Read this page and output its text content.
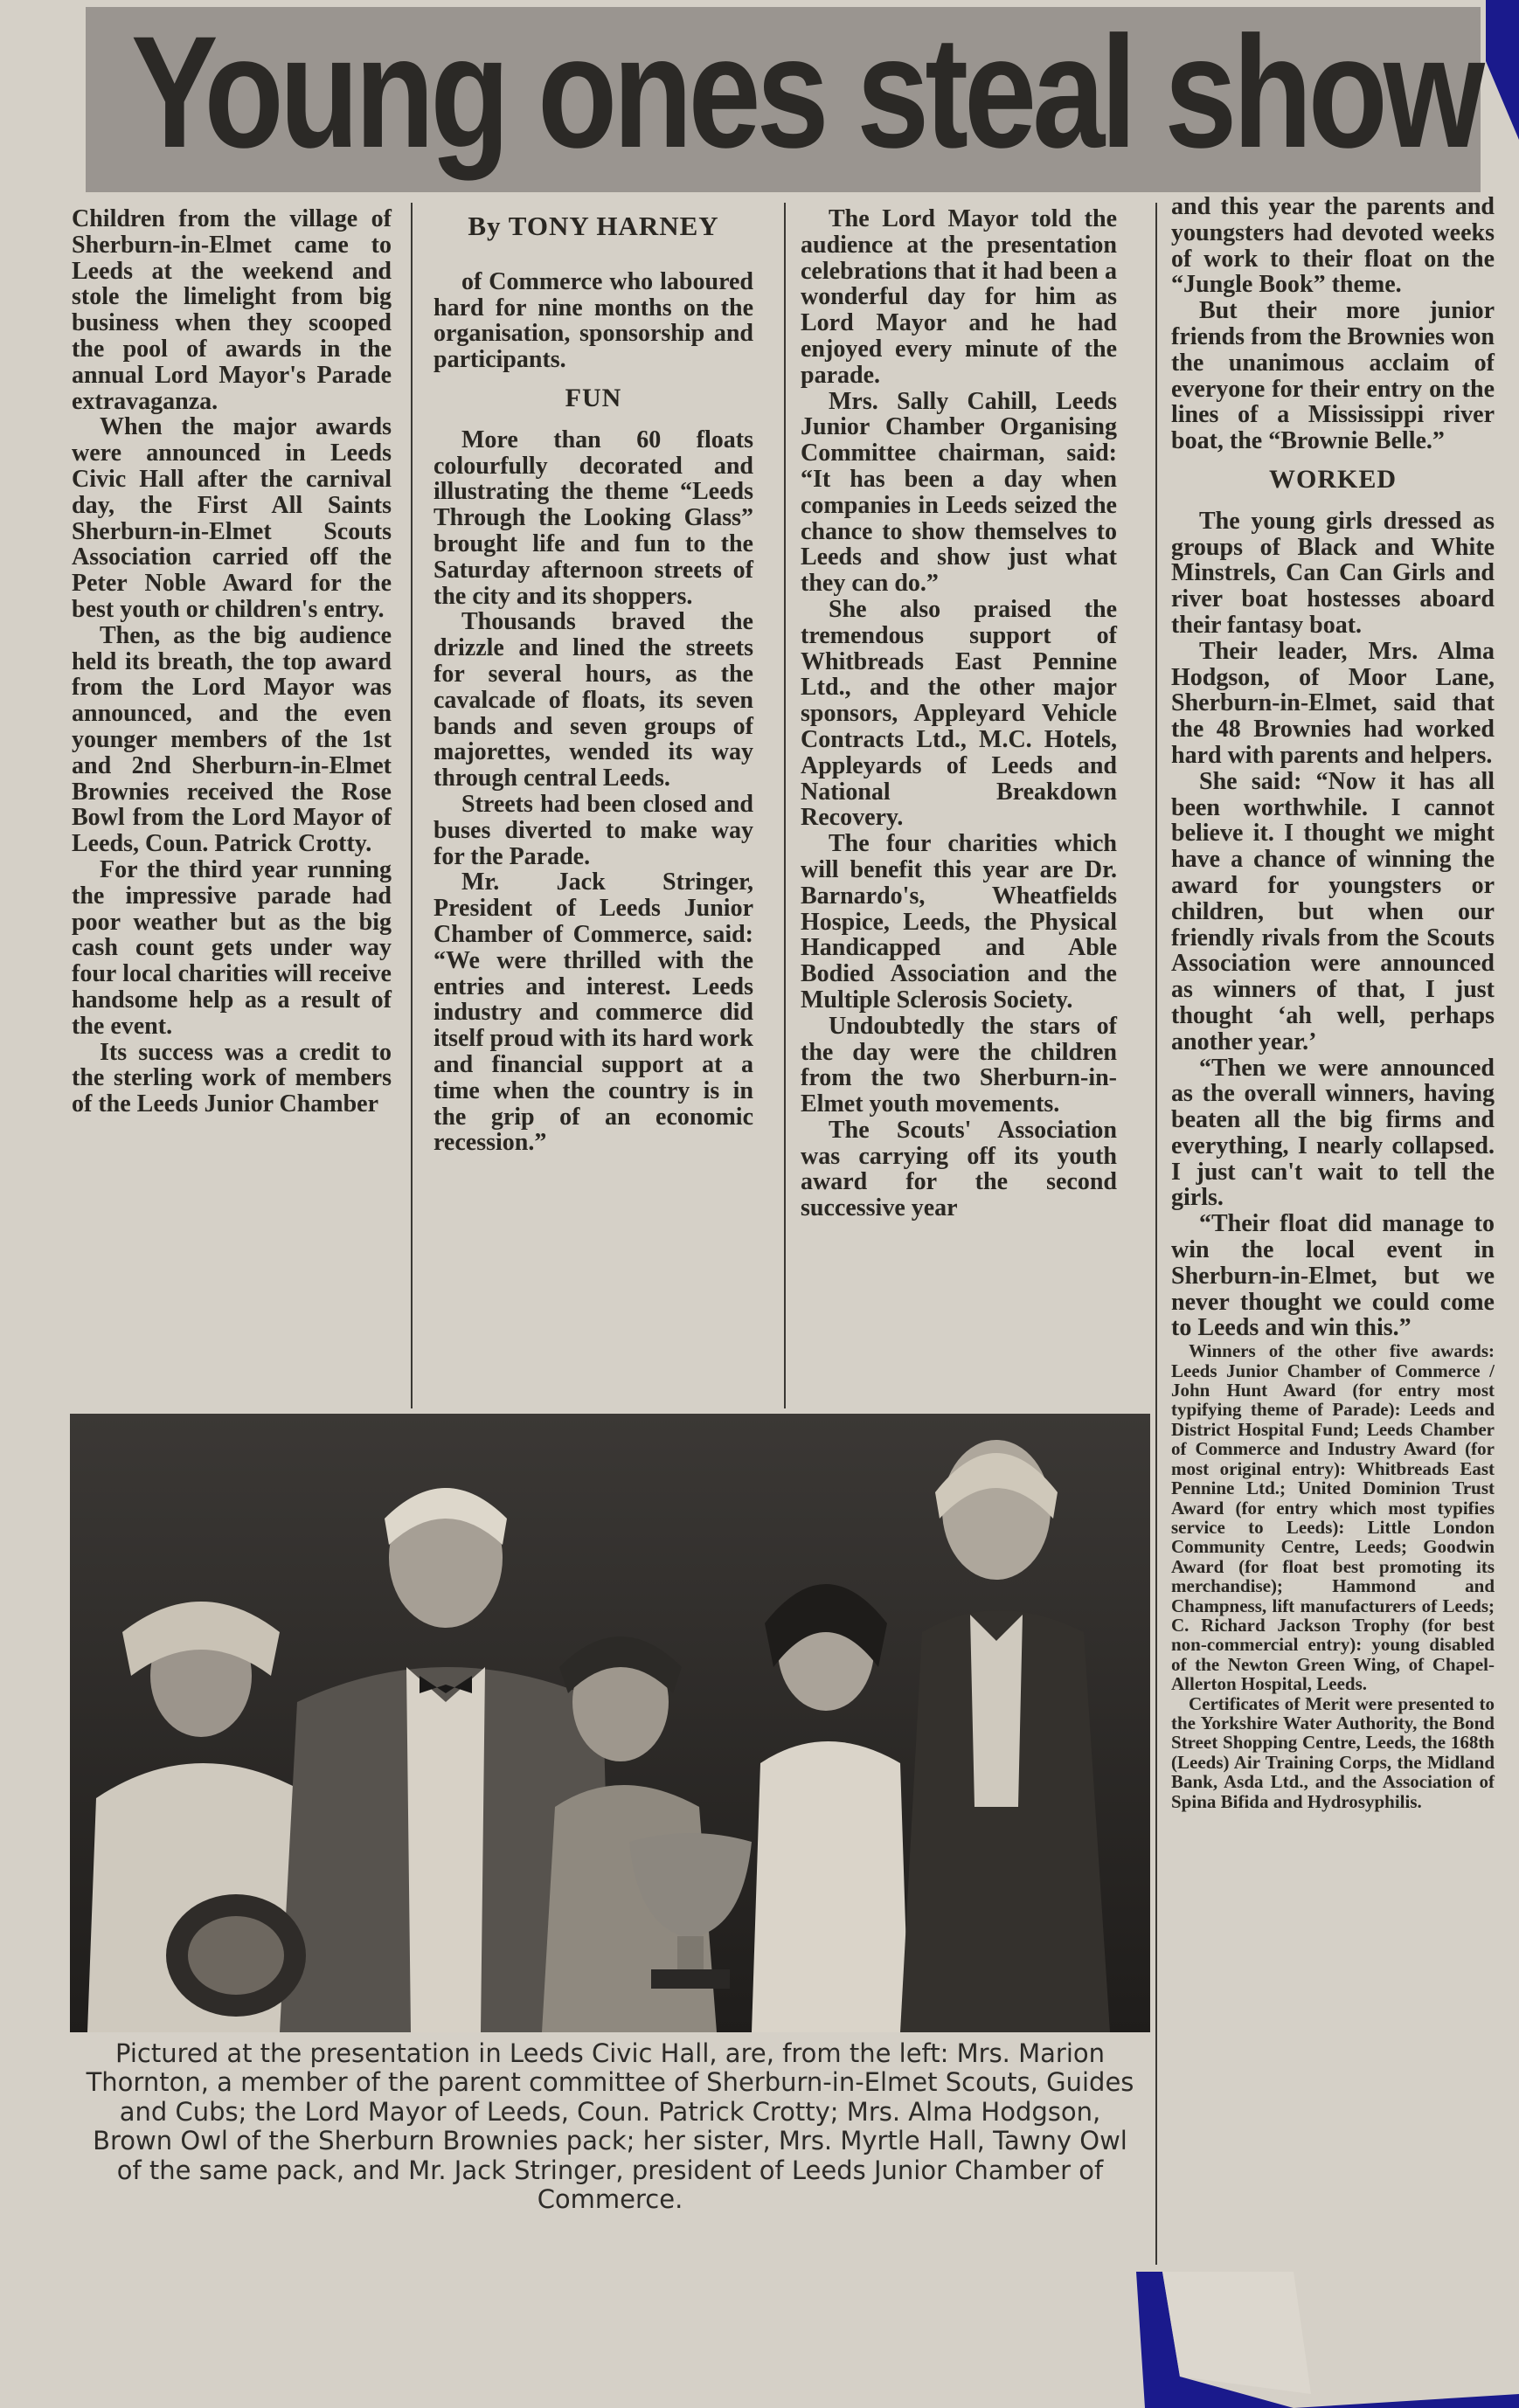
Young ones steal show

Children from the village of Sherburn-in-Elmet came to Leeds at the weekend and stole the limelight from big business when they scooped the pool of awards in the annual Lord Mayor's Parade extravaganza.

When the major awards were announced in Leeds Civic Hall after the carnival day, the First All Saints Sherburn-in-Elmet Scouts Association carried off the Peter Noble Award for the best youth or children's entry.

Then, as the big audience held its breath, the top award from the Lord Mayor was announced, and the even younger members of the 1st and 2nd Sherburn-in-Elmet Brownies received the Rose Bowl from the Lord Mayor of Leeds, Coun. Patrick Crotty.

For the third year running the impressive parade had poor weather but as the big cash count gets under way four local charities will receive handsome help as a result of the event.

Its success was a credit to the sterling work of members of the Leeds Junior Chamber

By TONY HARNEY

of Commerce who laboured hard for nine months on the organisation, sponsorship and participants.

FUN

More than 60 floats colourfully decorated and illustrating the theme “Leeds Through the Looking Glass” brought life and fun to the Saturday afternoon streets of the city and its shoppers.

Thousands braved the drizzle and lined the streets for several hours, as the cavalcade of floats, its seven bands and seven groups of majorettes, wended its way through central Leeds.

Streets had been closed and buses diverted to make way for the Parade.

Mr. Jack Stringer, President of Leeds Junior Chamber of Commerce, said: “We were thrilled with the entries and interest. Leeds industry and commerce did itself proud with its hard work and financial support at a time when the country is in the grip of an economic recession.”

The Lord Mayor told the audience at the presentation celebrations that it had been a wonderful day for him as Lord Mayor and he had enjoyed every minute of the parade.

Mrs. Sally Cahill, Leeds Junior Chamber Organising Committee chairman, said: “It has been a day when companies in Leeds seized the chance to show themselves to Leeds and show just what they can do.”

She also praised the tremendous support of Whitbreads East Pennine Ltd., and the other major sponsors, Appleyard Vehicle Contracts Ltd., M.C. Hotels, Appleyards of Leeds and National Breakdown Recovery.

The four charities which will benefit this year are Dr. Barnardo's, Wheatfields Hospice, Leeds, the Physical Handicapped and Able Bodied Association and the Multiple Sclerosis Society.

Undoubtedly the stars of the day were the children from the two Sherburn-in-Elmet youth movements.

The Scouts' Association was carrying off its youth award for the second successive year

and this year the parents and youngsters had devoted weeks of work to their float on the “Jungle Book” theme.

But their more junior friends from the Brownies won the unanimous acclaim of everyone for their entry on the lines of a Mississippi river boat, the “Brownie Belle.”

WORKED

The young girls dressed as groups of Black and White Minstrels, Can Can Girls and river boat hostesses aboard their fantasy boat.

Their leader, Mrs. Alma Hodgson, of Moor Lane, Sherburn-in-Elmet, said that the 48 Brownies had worked hard with parents and helpers.

She said: “Now it has all been worthwhile. I cannot believe it. I thought we might have a chance of winning the award for youngsters or children, but when our friendly rivals from the Scouts Association were announced as winners of that, I just thought ‘ah well, perhaps another year.’

“Then we were announced as the overall winners, having beaten all the big firms and everything, I nearly collapsed. I just can't wait to tell the girls.

“Their float did manage to win the local event in Sherburn-in-Elmet, but we never thought we could come to Leeds and win this.”

Winners of the other five awards: Leeds Junior Chamber of Commerce / John Hunt Award (for entry most typifying theme of Parade): Leeds and District Hospital Fund; Leeds Chamber of Commerce and Industry Award (for most original entry): Whitbreads East Pennine Ltd.; United Dominion Trust Award (for entry which most typifies service to Leeds): Little London Community Centre, Leeds; Goodwin Award (for float best promoting its merchandise); Hammond and Champness, lift manufacturers of Leeds; C. Richard Jackson Trophy (for best non-commercial entry): young disabled of the Newton Green Wing, of Chapel-Allerton Hospital, Leeds.

Certificates of Merit were presented to the Yorkshire Water Authority, the Bond Street Shopping Centre, Leeds, the 168th (Leeds) Air Training Corps, the Midland Bank, Asda Ltd., and the Association of Spina Bifida and Hydrosyphilis.

Pictured at the presentation in Leeds Civic Hall, are, from the left: Mrs. Marion Thornton, a member of the parent committee of Sherburn-in-Elmet Scouts, Guides and Cubs; the Lord Mayor of Leeds, Coun. Patrick Crotty; Mrs. Alma Hodgson, Brown Owl of the Sherburn Brownies pack; her sister, Mrs. Myrtle Hall, Tawny Owl of the same pack, and Mr. Jack Stringer, president of Leeds Junior Chamber of Commerce.
